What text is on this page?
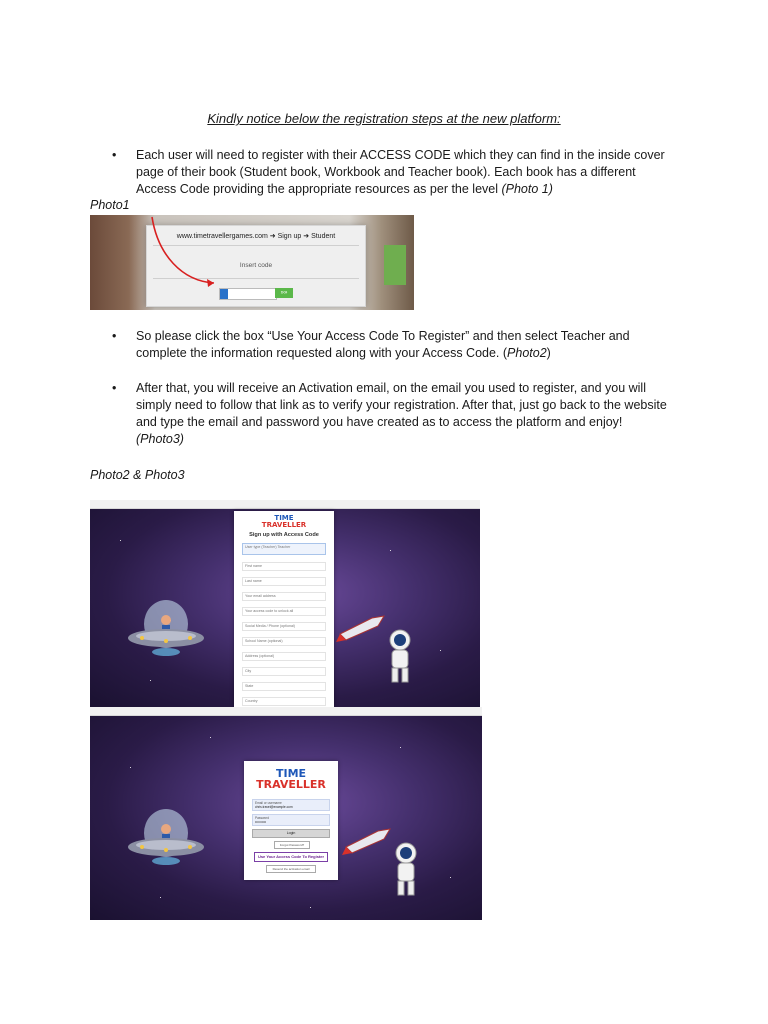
Kindly notice below the registration steps at the new platform:
• Each user will need to register with their ACCESS CODE which they can find in the inside cover page of their book (Student book, Workbook and Teacher book). Each book has a different Access Code providing the appropriate resources as per the level (Photo 1)
Photo1
www.timetravellergames.com ➜ Sign up ➜ Student
Insert code
»»
• So please click the box “Use Your Access Code To Register” and then select Teacher and complete the information requested along with your Access Code. (Photo2)
• After that, you will receive an Activation email, on the email you used to register, and you will simply need to follow that link as to verify your registration. After that, just go back to the website and type the email and password you have created as to access the platform and enjoy! (Photo3)
Photo2 & Photo3
TIME
TRAVELLER
Sign up with Access Code
User type (Teacher) Teacher
First name
Last name
Your email address
Your access code to unlock all
Social Media / Phone (optional)
School Name (optional)
Address (optional)
City
State
Country
TIME
TRAVELLER
Email or username
chris.travel@example.com
Password
••••••••••
Login
Forgot Password?
Use Your Access Code To Register
Resend the activation email
